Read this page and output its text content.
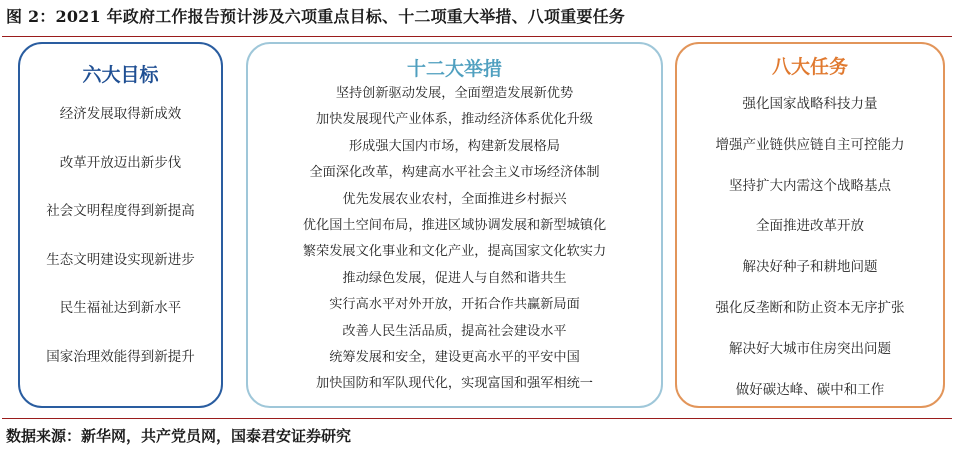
图 2：2021 年政府工作报告预计涉及六项重点目标、十二项重大举措、八项重要任务
六大目标
经济发展取得新成效
改革开放迈出新步伐
社会文明程度得到新提高
生态文明建设实现新进步
民生福祉达到新水平
国家治理效能得到新提升
十二大举措
坚持创新驱动发展，全面塑造发展新优势
加快发展现代产业体系，推动经济体系优化升级
形成强大国内市场，构建新发展格局
全面深化改革，构建高水平社会主义市场经济体制
优先发展农业农村，全面推进乡村振兴
优化国土空间布局，推进区域协调发展和新型城镇化
繁荣发展文化事业和文化产业，提高国家文化软实力
推动绿色发展，促进人与自然和谐共生
实行高水平对外开放，开拓合作共赢新局面
改善人民生活品质，提高社会建设水平
统筹发展和安全，建设更高水平的平安中国
加快国防和军队现代化，实现富国和强军相统一
八大任务
强化国家战略科技力量
增强产业链供应链自主可控能力
坚持扩大内需这个战略基点
全面推进改革开放
解决好种子和耕地问题
强化反垄断和防止资本无序扩张
解决好大城市住房突出问题
做好碳达峰、碳中和工作
数据来源：新华网，共产党员网，国泰君安证券研究
